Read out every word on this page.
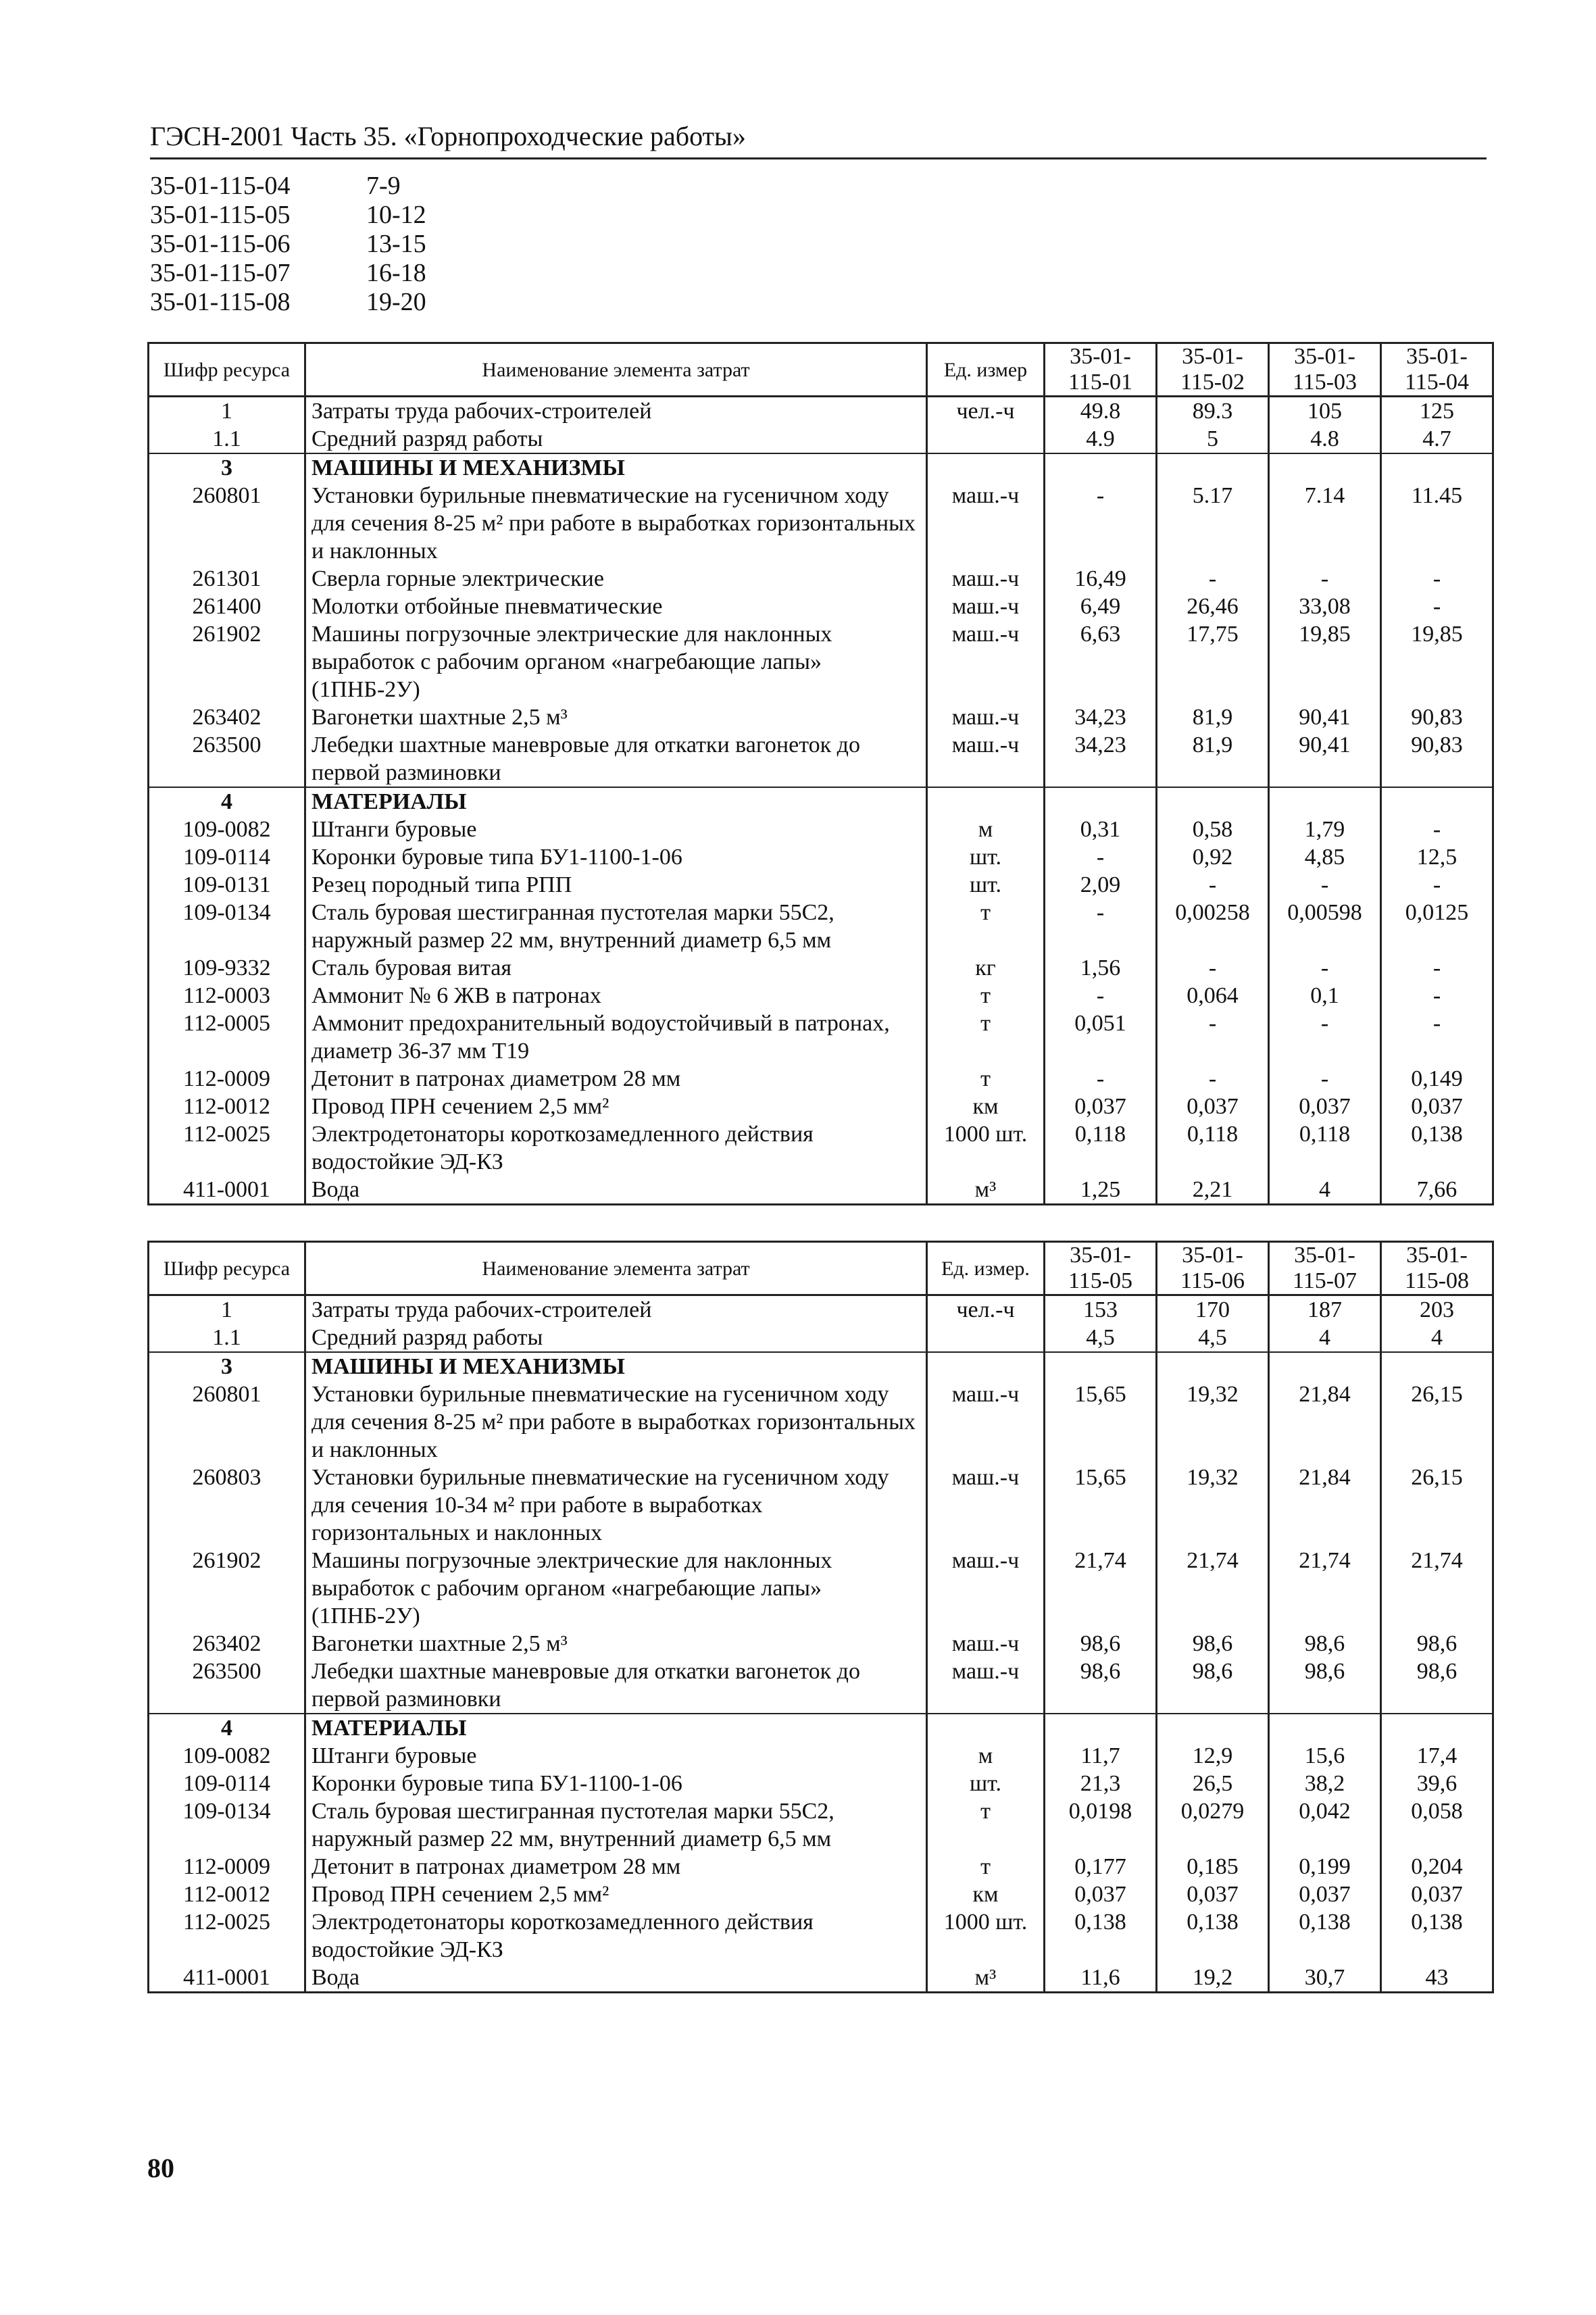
ГЭСН-2001 Часть 35. «Горнопроходческие работы»
35-01-115-04	7-9
35-01-115-05	10-12
35-01-115-06	13-15
35-01-115-07	16-18
35-01-115-08	19-20
Шифр ресурса	Наименование элемента затрат	Ед. измер	35-01-115-01	35-01-115-02	35-01-115-03	35-01-115-04
1	Затраты труда рабочих-строителей	чел.-ч	49.8	89.3	105	125
1.1	Средний разряд работы		4.9	5	4.8	4.7
3	МАШИНЫ И МЕХАНИЗМЫ					
260801	Установки бурильные пневматические на гусеничном ходу для сечения 8-25 м² при работе в выработках горизонтальных и наклонных	маш.-ч	-	5.17	7.14	11.45
261301	Сверла горные электрические	маш.-ч	16,49	-	-	-
261400	Молотки отбойные пневматические	маш.-ч	6,49	26,46	33,08	-
261902	Машины погрузочные электрические для наклонных выработок с рабочим органом «нагребающие лапы» (1ПНБ-2У)	маш.-ч	6,63	17,75	19,85	19,85
263402	Вагонетки шахтные 2,5 м³	маш.-ч	34,23	81,9	90,41	90,83
263500	Лебедки шахтные маневровые для откатки вагонеток до первой разминовки	маш.-ч	34,23	81,9	90,41	90,83
4	МАТЕРИАЛЫ					
109-0082	Штанги буровые	м	0,31	0,58	1,79	-
109-0114	Коронки буровые типа БУ1-1100-1-06	шт.	-	0,92	4,85	12,5
109-0131	Резец породный типа РПП	шт.	2,09	-	-	-
109-0134	Сталь буровая шестигранная пустотелая марки 55С2, наружный размер 22 мм, внутренний диаметр 6,5 мм	т	-	0,00258	0,00598	0,0125
109-9332	Сталь буровая витая	кг	1,56	-	-	-
112-0003	Аммонит № 6 ЖВ в патронах	т	-	0,064	0,1	-
112-0005	Аммонит предохранительный водоустойчивый в патронах, диаметр 36-37 мм Т19	т	0,051	-	-	-
112-0009	Детонит в патронах диаметром 28 мм	т	-	-	-	0,149
112-0012	Провод ПРН сечением 2,5 мм²	км	0,037	0,037	0,037	0,037
112-0025	Электродетонаторы короткозамедленного действия водостойкие ЭД-КЗ	1000 шт.	0,118	0,118	0,118	0,138
411-0001	Вода	м³	1,25	2,21	4	7,66
Шифр ресурса	Наименование элемента затрат	Ед. измер.	35-01-115-05	35-01-115-06	35-01-115-07	35-01-115-08
1	Затраты труда рабочих-строителей	чел.-ч	153	170	187	203
1.1	Средний разряд работы		4,5	4,5	4	4
3	МАШИНЫ И МЕХАНИЗМЫ					
260801	Установки бурильные пневматические на гусеничном ходу для сечения 8-25 м² при работе в выработках горизонтальных и наклонных	маш.-ч	15,65	19,32	21,84	26,15
260803	Установки бурильные пневматические на гусеничном ходу для сечения 10-34 м² при работе в выработках горизонтальных и наклонных	маш.-ч	15,65	19,32	21,84	26,15
261902	Машины погрузочные электрические для наклонных выработок с рабочим органом «нагребающие лапы» (1ПНБ-2У)	маш.-ч	21,74	21,74	21,74	21,74
263402	Вагонетки шахтные 2,5 м³	маш.-ч	98,6	98,6	98,6	98,6
263500	Лебедки шахтные маневровые для откатки вагонеток до первой разминовки	маш.-ч	98,6	98,6	98,6	98,6
4	МАТЕРИАЛЫ					
109-0082	Штанги буровые	м	11,7	12,9	15,6	17,4
109-0114	Коронки буровые типа БУ1-1100-1-06	шт.	21,3	26,5	38,2	39,6
109-0134	Сталь буровая шестигранная пустотелая марки 55С2, наружный размер 22 мм, внутренний диаметр 6,5 мм	т	0,0198	0,0279	0,042	0,058
112-0009	Детонит в патронах диаметром 28 мм	т	0,177	0,185	0,199	0,204
112-0012	Провод ПРН сечением 2,5 мм²	км	0,037	0,037	0,037	0,037
112-0025	Электродетонаторы короткозамедленного действия водостойкие ЭД-КЗ	1000 шт.	0,138	0,138	0,138	0,138
411-0001	Вода	м³	11,6	19,2	30,7	43
80
